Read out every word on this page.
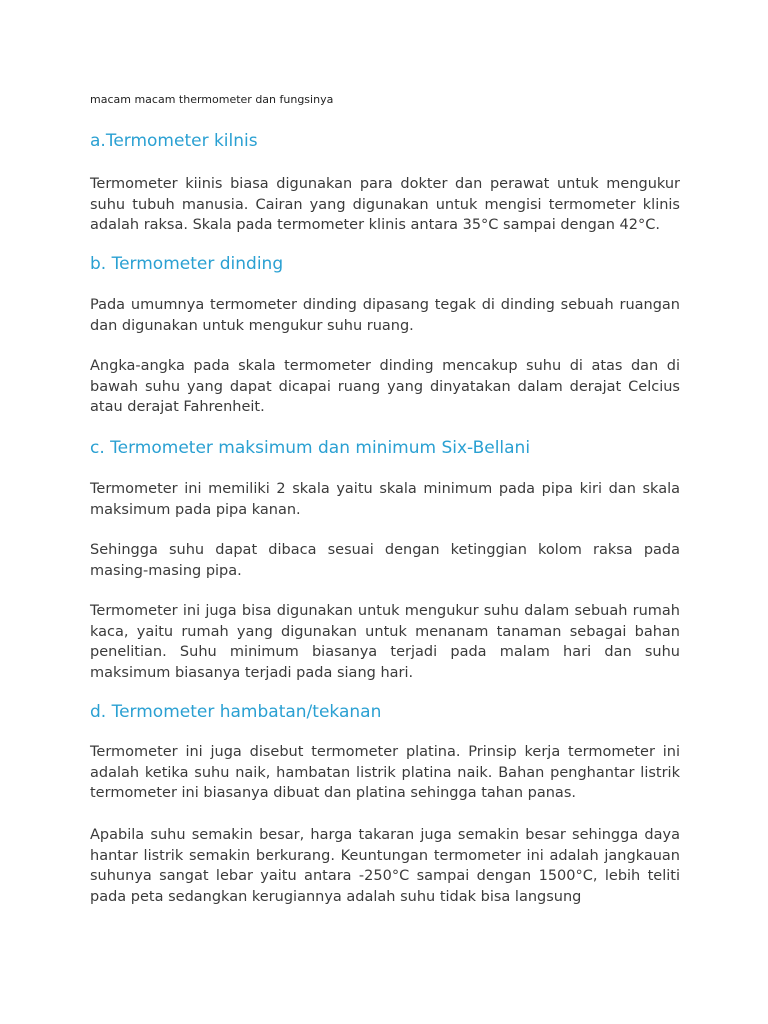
macam macam thermometer dan fungsinya
a.Termometer kilnis

Termometer kiinis biasa digunakan para dokter dan perawat untuk mengukur suhu tubuh manusia. Cairan yang digunakan untuk mengisi termometer klinis adalah raksa. Skala pada termometer klinis antara 35°C sampai dengan 42°C.

b. Termometer dinding

Pada umumnya termometer dinding dipasang tegak di dinding sebuah ruangan dan digunakan untuk mengukur suhu ruang.

Angka-angka pada skala termometer dinding mencakup suhu di atas dan di bawah suhu yang dapat dicapai ruang yang dinyatakan dalam derajat Celcius atau derajat Fahrenheit.

c. Termometer maksimum dan minimum Six-Bellani

Termometer ini memiliki 2 skala yaitu skala minimum pada pipa kiri dan skala maksimum pada pipa kanan.

Sehingga suhu dapat dibaca sesuai dengan ketinggian kolom raksa pada masing-masing pipa.

Termometer ini juga bisa digunakan untuk mengukur suhu dalam sebuah rumah kaca, yaitu rumah yang digunakan untuk menanam tanaman sebagai bahan penelitian. Suhu minimum biasanya terjadi pada malam hari dan suhu maksimum biasanya terjadi pada siang hari.

d. Termometer hambatan/tekanan

Termometer ini juga disebut termometer platina. Prinsip kerja termometer ini adalah ketika suhu naik, hambatan listrik platina naik. Bahan penghantar listrik termometer ini biasanya dibuat dan platina sehingga tahan panas.

Apabila suhu semakin besar, harga takaran juga semakin besar sehingga daya hantar listrik semakin berkurang. Keuntungan termometer ini adalah jangkauan suhunya sangat lebar yaitu antara -250°C sampai dengan 1500°C, lebih teliti pada peta sedangkan kerugiannya adalah suhu tidak bisa langsung
